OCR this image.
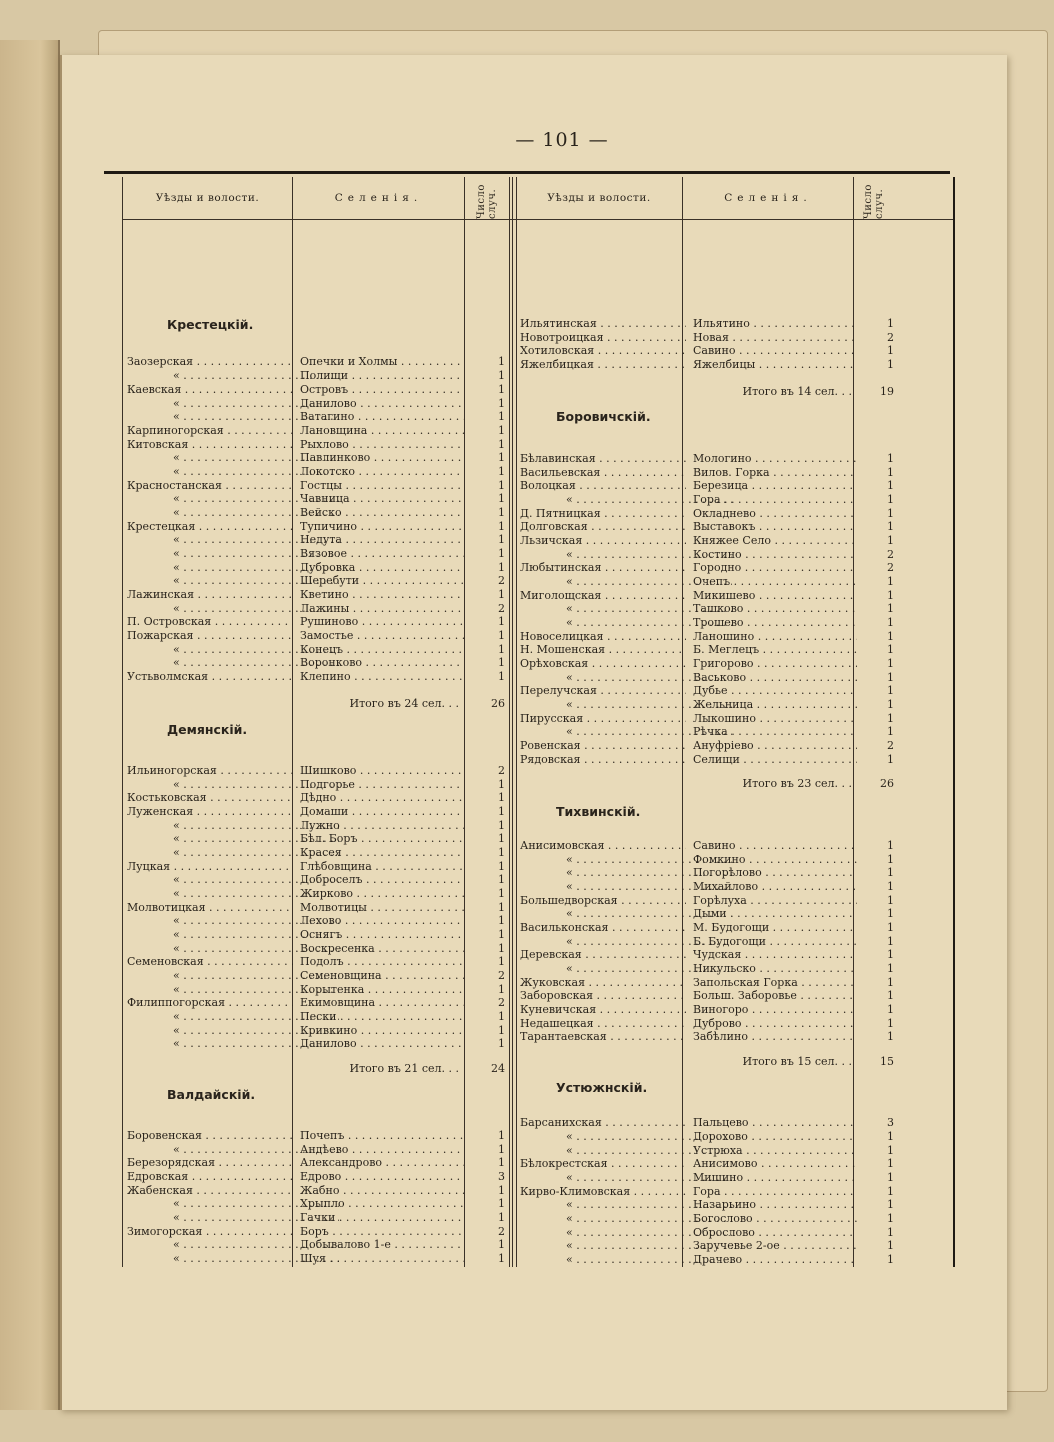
— 101 —
Уѣзды и волости.	Селенія.	Число случ.	Уѣзды и волости.	Селенія.	Число случ.
Крестецкій.
Заозерская . . .	Опечки и Холмы . . .	1
« . . .	Полищи . . .	1
Каевская . . .	Островъ . . .	1
« . . .	Данилово . . .	1
« . . .	Ватагино . . .	1
Карпиногорская . . .	Лановщина . . .	1
Китовская . . .	Рыхлово . . .	1
« . . .	Павлинково . . .	1
« . . .	Локотско . . .	1
Красностанская . . .	Гостцы . . .	1
« . . .	Чавница . . .	1
« . . .	Вейско . . .	1
Крестецкая . . .	Тупичино . . .	1
« . . .	Недута . . .	1
« . . .	Вязовое . . .	1
« . . .	Дубровка . . .	1
« . . .	Шеребути . . .	2
Лажинская . . .	Кветино . . .	1
« . . .	Лажины . . .	2
П. Островская . . .	Рушиново . . .	1
Пожарская . . .	Замостье . . .	1
« . . .	Конецъ . . .	1
« . . .	Воронково . . .	1
Устьволмская . . .	Клепино . . .	1
Итого въ 24 сел. . .	26
Демянскій.
Ильиногорская . . .	Шишково . . .	2
« . . .	Подгорье . . .	1
Костьковская . . .	Дѣдно . . .	1
Луженская . . .	Домаши . . .	1
« . . .	Лужно . . .	1
« . . .	Бѣл. Боръ . . .	1
« . . .	Красея . . .	1
Луцкая . . .	Глѣбовщина . . .	1
« . . .	Доброселъ . . .	1
« . . .	Жирково . . .	1
Молвотицкая . . .	Молвотицы . . .	1
« . . .	Лехово . . .	1
« . . .	Оснягъ . . .	1
« . . .	Воскресенка . . .	1
Семеновская . . .	Подолъ . . .	1
« . . .	Семеновщина . . .	2
« . . .	Корытенка . . .	1
Филиппогорская . . .	Екимовщина . . .	2
« . . .	Пески . . .	1
« . . .	Кривкино . . .	1
« . . .	Данилово . . .	1
Итого въ 21 сел. . .	24
Валдайскій.
Боровенская . . .	Почепъ . . .	1
« . . .	Андѣево . . .	1
Березорядская . . .	Александрово . . .	1
Едровская . . .	Едрово . . .	3
Жабенская . . .	Жабно . . .	1
« . . .	Хрыпло . . .	1
« . . .	Гачки . . .	1
Зимогорская . . .	Боръ . . .	2
« . . .	Добывалово 1-е . . .	1
« . . .	Шуя . . .	1
Ильятинская . . .	Ильятино . . .	1
Новотроицкая . . .	Новая . . .	2
Хотиловская . . .	Савино . . .	1
Яжелбицкая . . .	Яжелбицы . . .	1
Итого въ 14 сел. . .	19
Боровичскій.
Бѣлавинская . . .	Мологино . . .	1
Васильевская . . .	Вилов. Горка . . .	1
Волоцкая . . .	Березица . . .	1
« . . .	Гора . . .	1
Д. Пятницкая . . .	Окладнево . . .	1
Долговская . . .	Выставокъ . . .	1
Льзичская . . .	Княжее Село . . .	1
« . . .	Костино . . .	2
Любытинская . . .	Городно . . .	2
« . . .	Очепъ . . .	1
Миголощская . . .	Микишево . . .	1
« . . .	Ташково . . .	1
« . . .	Трошево . . .	1
Новоселицкая . . .	Ланошино . . .	1
Н. Мошенская . . .	Б. Меглецъ . . .	1
Орѣховская . . .	Григорово . . .	1
« . . .	Васьково . . .	1
Перелучская . . .	Дубье . . .	1
« . . .	Жельница . . .	1
Пирусская . . .	Лыкошино . . .	1
« . . .	Рѣчка . . .	1
Ровенская . . .	Ануфріево . . .	2
Рядовская . . .	Селищи . . .	1
Итого въ 23 сел. . .	26
Тихвинскій.
Анисимовская . . .	Савино . . .	1
« . . .	Фомкино . . .	1
« . . .	Погорѣлово . . .	1
« . . .	Михайлово . . .	1
Большедворская . . .	Горѣлуха . . .	1
« . . .	Дыми . . .	1
Васильконская . . .	М. Будогощи . . .	1
« . . .	Б. Будогощи . . .	1
Деревская . . .	Чудская . . .	1
« . . .	Никульско . . .	1
Жуковская . . .	Запольская Горка . . .	1
Заборовская . . .	Больш. Заборовье . . .	1
Куневичская . . .	Виногоро . . .	1
Недашецкая . . .	Дуброво . . .	1
Тарантаевская . . .	Забѣлино . . .	1
Итого въ 15 сел. . .	15
Устюжнскій.
Барсанихская . . .	Пальцево . . .	3
« . . .	Дорохово . . .	1
« . . .	Устрюха . . .	1
Бѣлокрестская . . .	Анисимово . . .	1
« . . .	Мишино . . .	1
Кирво-Климовская . . .	Гора . . .	1
« . . .	Назарьино . . .	1
« . . .	Богослово . . .	1
« . . .	Оброслово . . .	1
« . . .	Заручевье 2-ое . . .	1
« . . .	Драчево . . .	1
